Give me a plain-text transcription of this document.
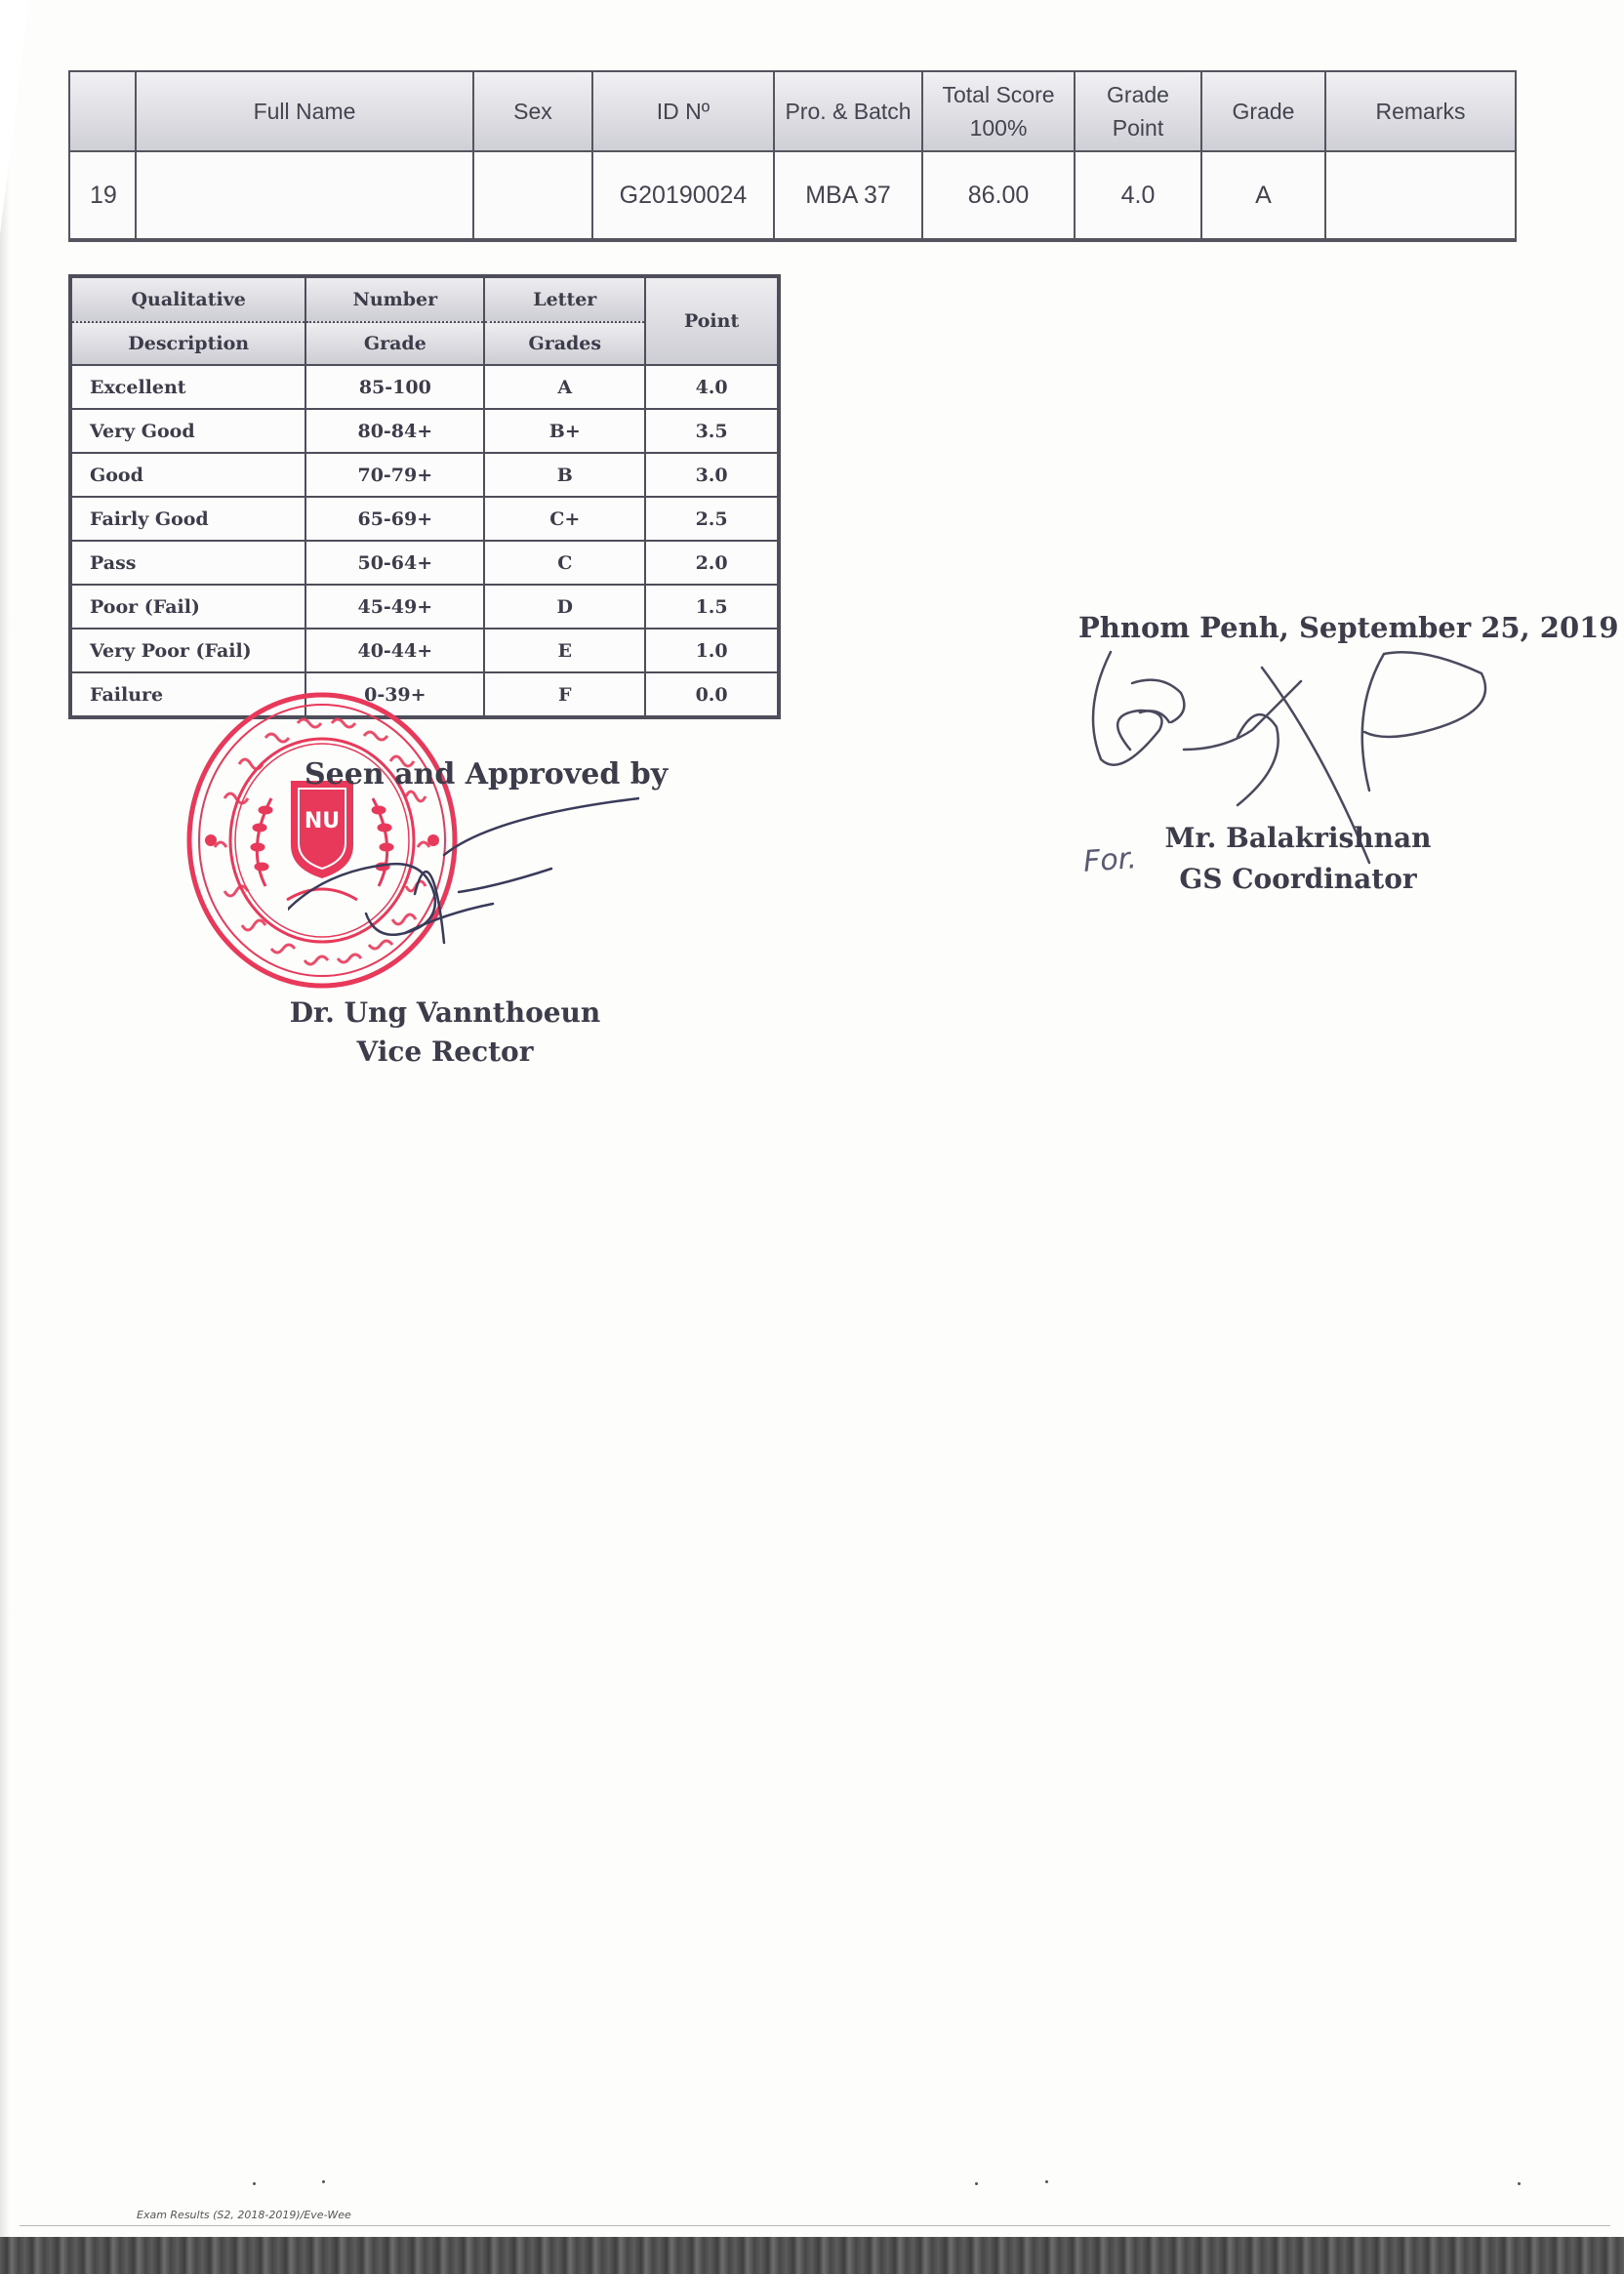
	Full Name	Sex	ID Nº	Pro. & Batch	Total Score 100%	Grade Point	Grade	Remarks
19			G20190024	MBA 37	86.00	4.0	A	
Qualitative	Number	Letter	Point
Description	Grade	Grades	
Excellent	85-100	A	4.0
Very Good	80-84+	B+	3.5
Good	70-79+	B	3.0
Fairly Good	65-69+	C+	2.5
Pass	50-64+	C	2.0
Poor (Fail)	45-49+	D	1.5
Very Poor (Fail)	40-44+	E	1.0
Failure	0-39+	F	0.0
NU
Seen and Approved by
Dr. Ung Vannthoeun
Vice Rector
Phnom Penh, September 25, 2019
For.
Mr. Balakrishnan
GS Coordinator
Exam Results (S2, 2018-2019)/Eve-Wee
